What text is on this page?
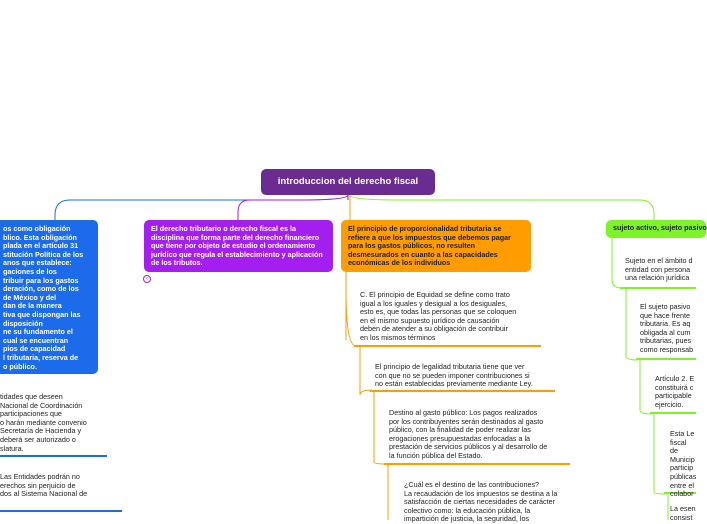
introduccion del derecho fiscal
os como obligación
blico. Esta obligación
plada en el artículo 31
stitución Política de los
anos que establece:
gaciones de los
tribuir para los gastos
deración, como de los
de México y del
dan de la manera
tiva que dispongan las
disposición
ne su fundamento el
cual se encuentran
pios de capacidad
l tributaria, reserva de
o público.
El derecho tributario o derecho fiscal es la disciplina que forma parte del derecho financiero que tiene por objeto de estudio el ordenamiento jurídico que regula el establecimiento y aplicación de los tributos.
‹
El principio de proporcionalidad tributaria se refiere a que los impuestos que debemos pagar para los gastos públicos, no resulten desmesurados en cuanto a las capacidades económicas de los individuos
sujeto activo, sujeto pasivo
tidades que deseen
Nacional de Coordinación
participaciones que
o harán mediante convenio
Secretaría de Hacienda y
deberá ser autorizado o
slatura.
Las Entidades podrán no
erechos sin perjuicio de
dos al Sistema Nacional de
C. El principio de Equidad se define como trato
igual a los iguales y desigual a los desiguales,
esto es, que todas las personas que se coloquen
en el mismo supuesto jurídico de causación
deben de atender a su obligación de contribuir
en los mismos términos
El principio de legalidad tributaria tiene que ver
con que no se pueden imponer contribuciones si
no están establecidas previamente mediante Ley.
Destino al gasto público: Los pagos realizados
por los contribuyentes serán destinados al gasto
público, con la finalidad de poder realizar las
erogaciones presupuestadas enfocadas a la
prestación de servicios públicos y al desarrollo de
la función pública del Estado.
¿Cuál es el destino de las contribuciones?
La recaudación de los impuestos se destina a la
satisfacción de ciertas necesidades de carácter
colectivo como: la educación pública, la
impartición de justicia, la seguridad, los
Sujeto en el ámbito d
entidad con persona
una relación jurídica
El sujeto pasivo
que hace frente
tributaria. Es aq
obligada al cum
tributarias, pues
como responsab
Artículo 2. E
constituirá c
participable
ejercicio.
Esta Le
fiscal de
Municip
particip
públicas
entre el
colabor
La esen
consist
